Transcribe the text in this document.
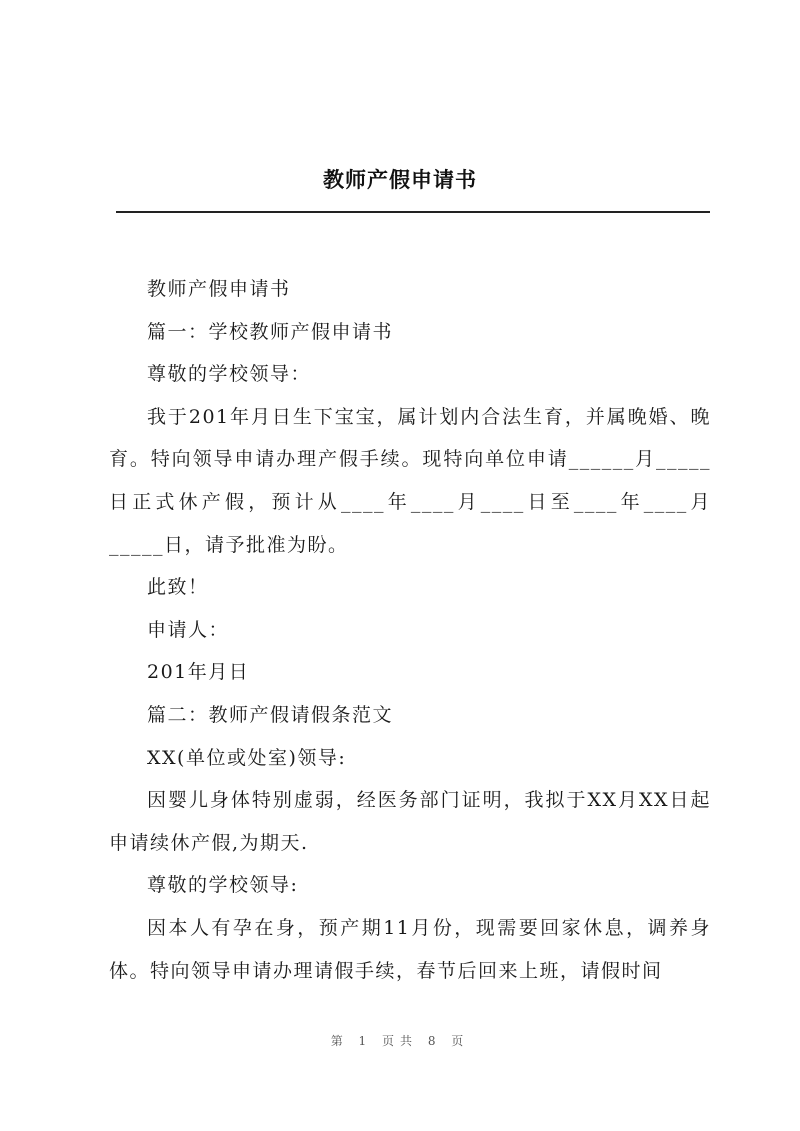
教师产假申请书

教师产假申请书

篇一：学校教师产假申请书

尊敬的学校领导：

我于201年月日生下宝宝，属计划内合法生育，并属晚婚、晚育。特向领导申请办理产假手续。现特向单位申请______月_____日正式休产假，预计从____年____月____日至____年____月_____日，请予批准为盼。

此致！

申请人：

201年月日

篇二：教师产假请假条范文

XX(单位或处室)领导:

因婴儿身体特别虚弱，经医务部门证明，我拟于XX月XX日起申请续休产假,为期天.

尊敬的学校领导:

因本人有孕在身，预产期11月份，现需要回家休息，调养身体。特向领导申请办理请假手续，春节后回来上班，请假时间

第 1 页共 8 页
